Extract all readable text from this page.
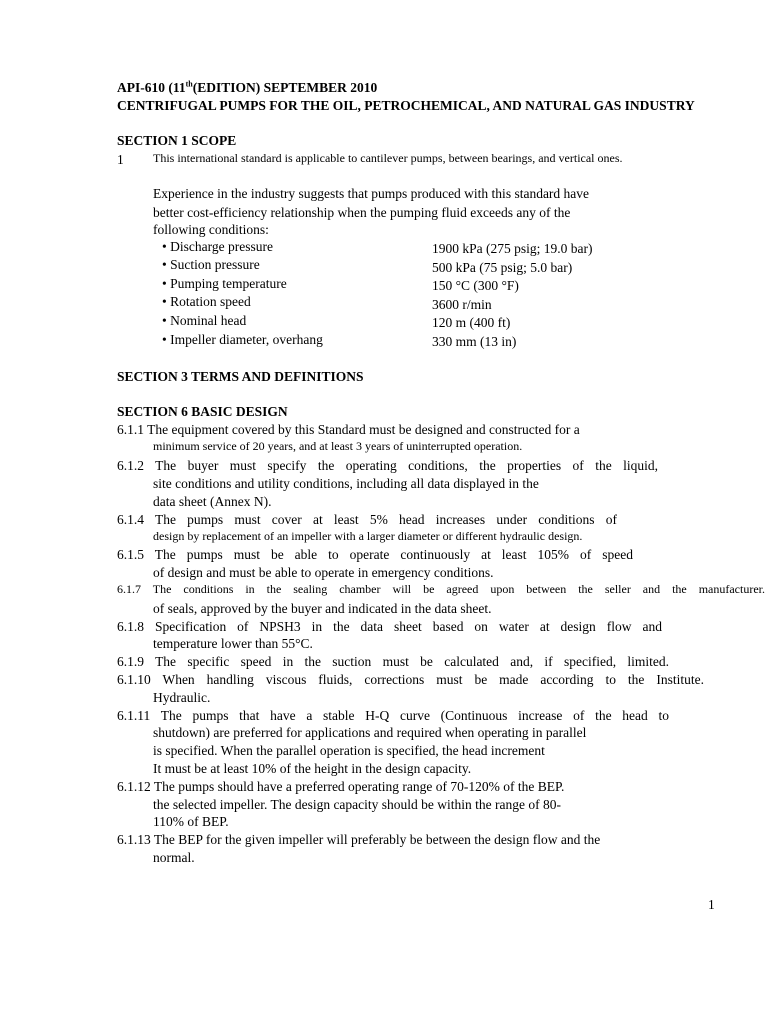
API-610 (11th(EDITION) SEPTEMBER 2010
CENTRIFUGAL PUMPS FOR THE OIL, PETROCHEMICAL, AND NATURAL GAS INDUSTRY
SECTION 1 SCOPE
1 This international standard is applicable to cantilever pumps, between bearings, and vertical ones.
Experience in the industry suggests that pumps produced with this standard have
better cost-efficiency relationship when the pumping fluid exceeds any of the
following conditions:
• Discharge pressure	1900 kPa (275 psig; 19.0 bar)
• Suction pressure	500 kPa (75 psig; 5.0 bar)
• Pumping temperature	150 °C (300 °F)
• Rotation speed	3600 r/min
• Nominal head	120 m (400 ft)
• Impeller diameter, overhang	330 mm (13 in)
SECTION 3 TERMS AND DEFINITIONS
SECTION 6 BASIC DESIGN
6.1.1 The equipment covered by this Standard must be designed and constructed for a
minimum service of 20 years, and at least 3 years of uninterrupted operation.
6.1.2 The buyer must specify the operating conditions, the properties of the liquid,
site conditions and utility conditions, including all data displayed in the
data sheet (Annex N).
6.1.4 The pumps must cover at least 5% head increases under conditions of
design by replacement of an impeller with a larger diameter or different hydraulic design.
6.1.5 The pumps must be able to operate continuously at least 105% of speed
of design and must be able to operate in emergency conditions.
6.1.7 The conditions in the sealing chamber will be agreed upon between the seller and the manufacturer.
of seals, approved by the buyer and indicated in the data sheet.
6.1.8 Specification of NPSH3 in the data sheet based on water at design flow and
temperature lower than 55°C.
6.1.9 The specific speed in the suction must be calculated and, if specified, limited.
6.1.10 When handling viscous fluids, corrections must be made according to the Institute.
Hydraulic.
6.1.11 The pumps that have a stable H-Q curve (Continuous increase of the head to
shutdown) are preferred for applications and required when operating in parallel
is specified. When the parallel operation is specified, the head increment
It must be at least 10% of the height in the design capacity.
6.1.12 The pumps should have a preferred operating range of 70-120% of the BEP.
the selected impeller. The design capacity should be within the range of 80-
110% of BEP.
6.1.13 The BEP for the given impeller will preferably be between the design flow and the
normal.
1
